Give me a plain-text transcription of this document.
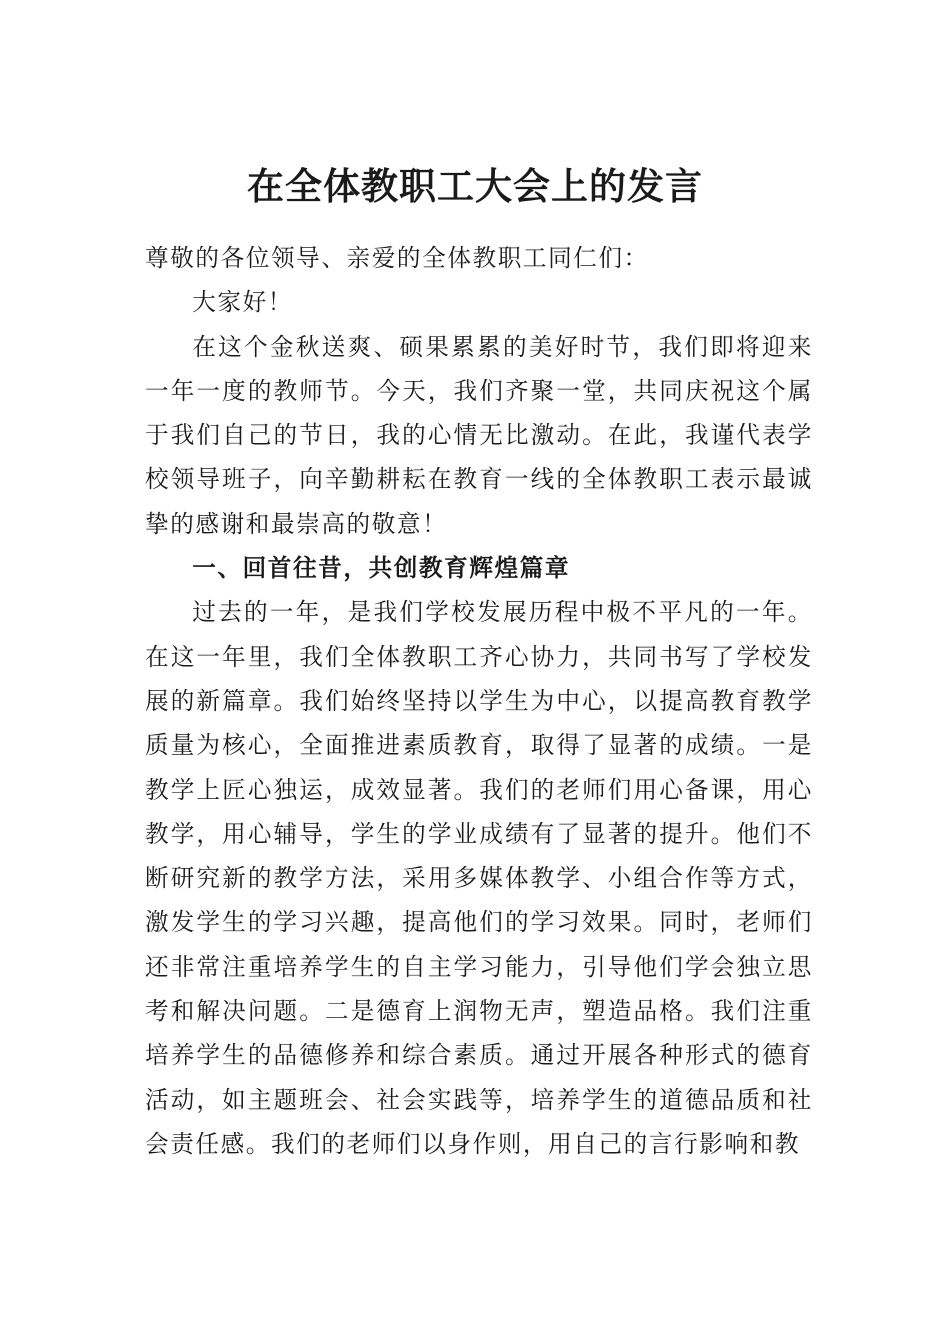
在全体教职工大会上的发言

尊敬的各位领导、亲爱的全体教职工同仁们：

大家好！

在这个金秋送爽、硕果累累的美好时节，我们即将迎来一年一度的教师节。今天，我们齐聚一堂，共同庆祝这个属于我们自己的节日，我的心情无比激动。在此，我谨代表学校领导班子，向辛勤耕耘在教育一线的全体教职工表示最诚挚的感谢和最崇高的敬意！

一、回首往昔，共创教育辉煌篇章

过去的一年，是我们学校发展历程中极不平凡的一年。在这一年里，我们全体教职工齐心协力，共同书写了学校发展的新篇章。我们始终坚持以学生为中心，以提高教育教学质量为核心，全面推进素质教育，取得了显著的成绩。一是教学上匠心独运，成效显著。我们的老师们用心备课，用心教学，用心辅导，学生的学业成绩有了显著的提升。他们不断研究新的教学方法，采用多媒体教学、小组合作等方式，激发学生的学习兴趣，提高他们的学习效果。同时，老师们还非常注重培养学生的自主学习能力，引导他们学会独立思考和解决问题。二是德育上润物无声，塑造品格。我们注重培养学生的品德修养和综合素质。通过开展各种形式的德育活动，如主题班会、社会实践等，培养学生的道德品质和社会责任感。我们的老师们以身作则，用自己的言行影响和教
